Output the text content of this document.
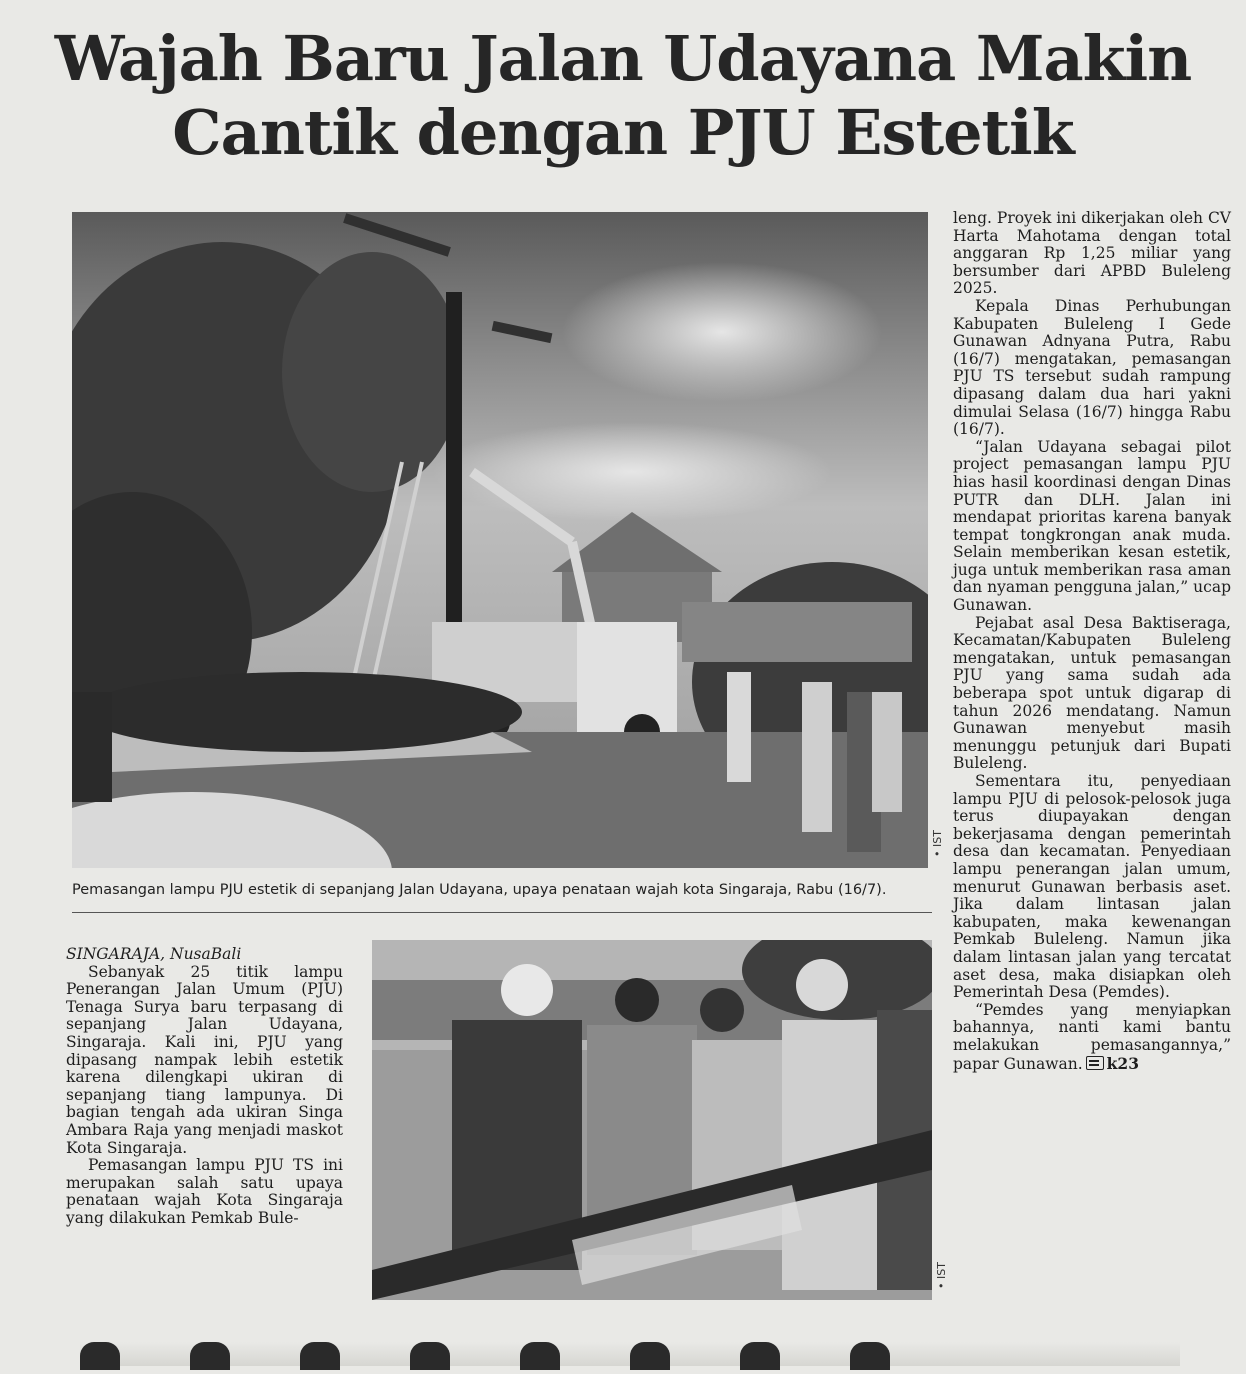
Wajah Baru Jalan Udayana Makin
Cantik dengan PJU Estetik
• IST
Pemasangan lampu PJU estetik di sepanjang Jalan Udayana, upaya penataan wajah kota Singaraja, Rabu (16/7).
• IST

leng. Proyek ini dikerjakan oleh CV Harta Mahotama dengan total anggaran Rp 1,25 miliar yang bersumber dari APBD Buleleng 2025.

Kepala Dinas Perhubungan Kabupaten Buleleng I Gede Gunawan Adnyana Putra, Rabu (16/7) mengatakan, pemasangan PJU TS tersebut sudah rampung dipasang dalam dua hari yakni dimulai Selasa (16/7) hingga Rabu (16/7).

“Jalan Udayana sebagai pilot project pemasangan lampu PJU hias hasil koordinasi dengan Dinas PUTR dan DLH. Jalan ini mendapat prioritas karena banyak tempat tongkrongan anak muda. Selain memberikan kesan estetik, juga untuk memberikan rasa aman dan nyaman pengguna jalan,” ucap Gunawan.

Pejabat asal Desa Baktiseraga, Kecamatan/Kabupaten Buleleng mengatakan, untuk pemasangan PJU yang sama sudah ada beberapa spot untuk digarap di tahun 2026 mendatang. Namun Gunawan menyebut masih menunggu petunjuk dari Bupati Buleleng.

Sementara itu, penyediaan lampu PJU di pelosok-pelosok juga terus diupayakan dengan bekerjasama dengan pemerintah desa dan kecamatan. Penyediaan lampu penerangan jalan umum, menurut Gunawan berbasis aset. Jika dalam lintasan jalan kabupaten, maka kewenangan Pemkab Buleleng. Namun jika dalam lintasan jalan yang tercatat aset desa, maka disiapkan oleh Pemerintah Desa (Pemdes).

“Pemdes yang menyiapkan bahannya, nanti kami bantu melakukan pemasangannya,” papar Gunawan. k23

SINGARAJA, NusaBali

Sebanyak 25 titik lampu Penerangan Jalan Umum (PJU) Tenaga Surya baru terpasang di sepanjang Jalan Udayana, Singaraja. Kali ini, PJU yang dipasang nampak lebih estetik karena dilengkapi ukiran di sepanjang tiang lampunya. Di bagian tengah ada ukiran Singa Ambara Raja yang menjadi maskot Kota Singaraja.

Pemasangan lampu PJU TS ini merupakan salah satu upaya penataan wajah Kota Singaraja yang dilakukan Pemkab Bule-
